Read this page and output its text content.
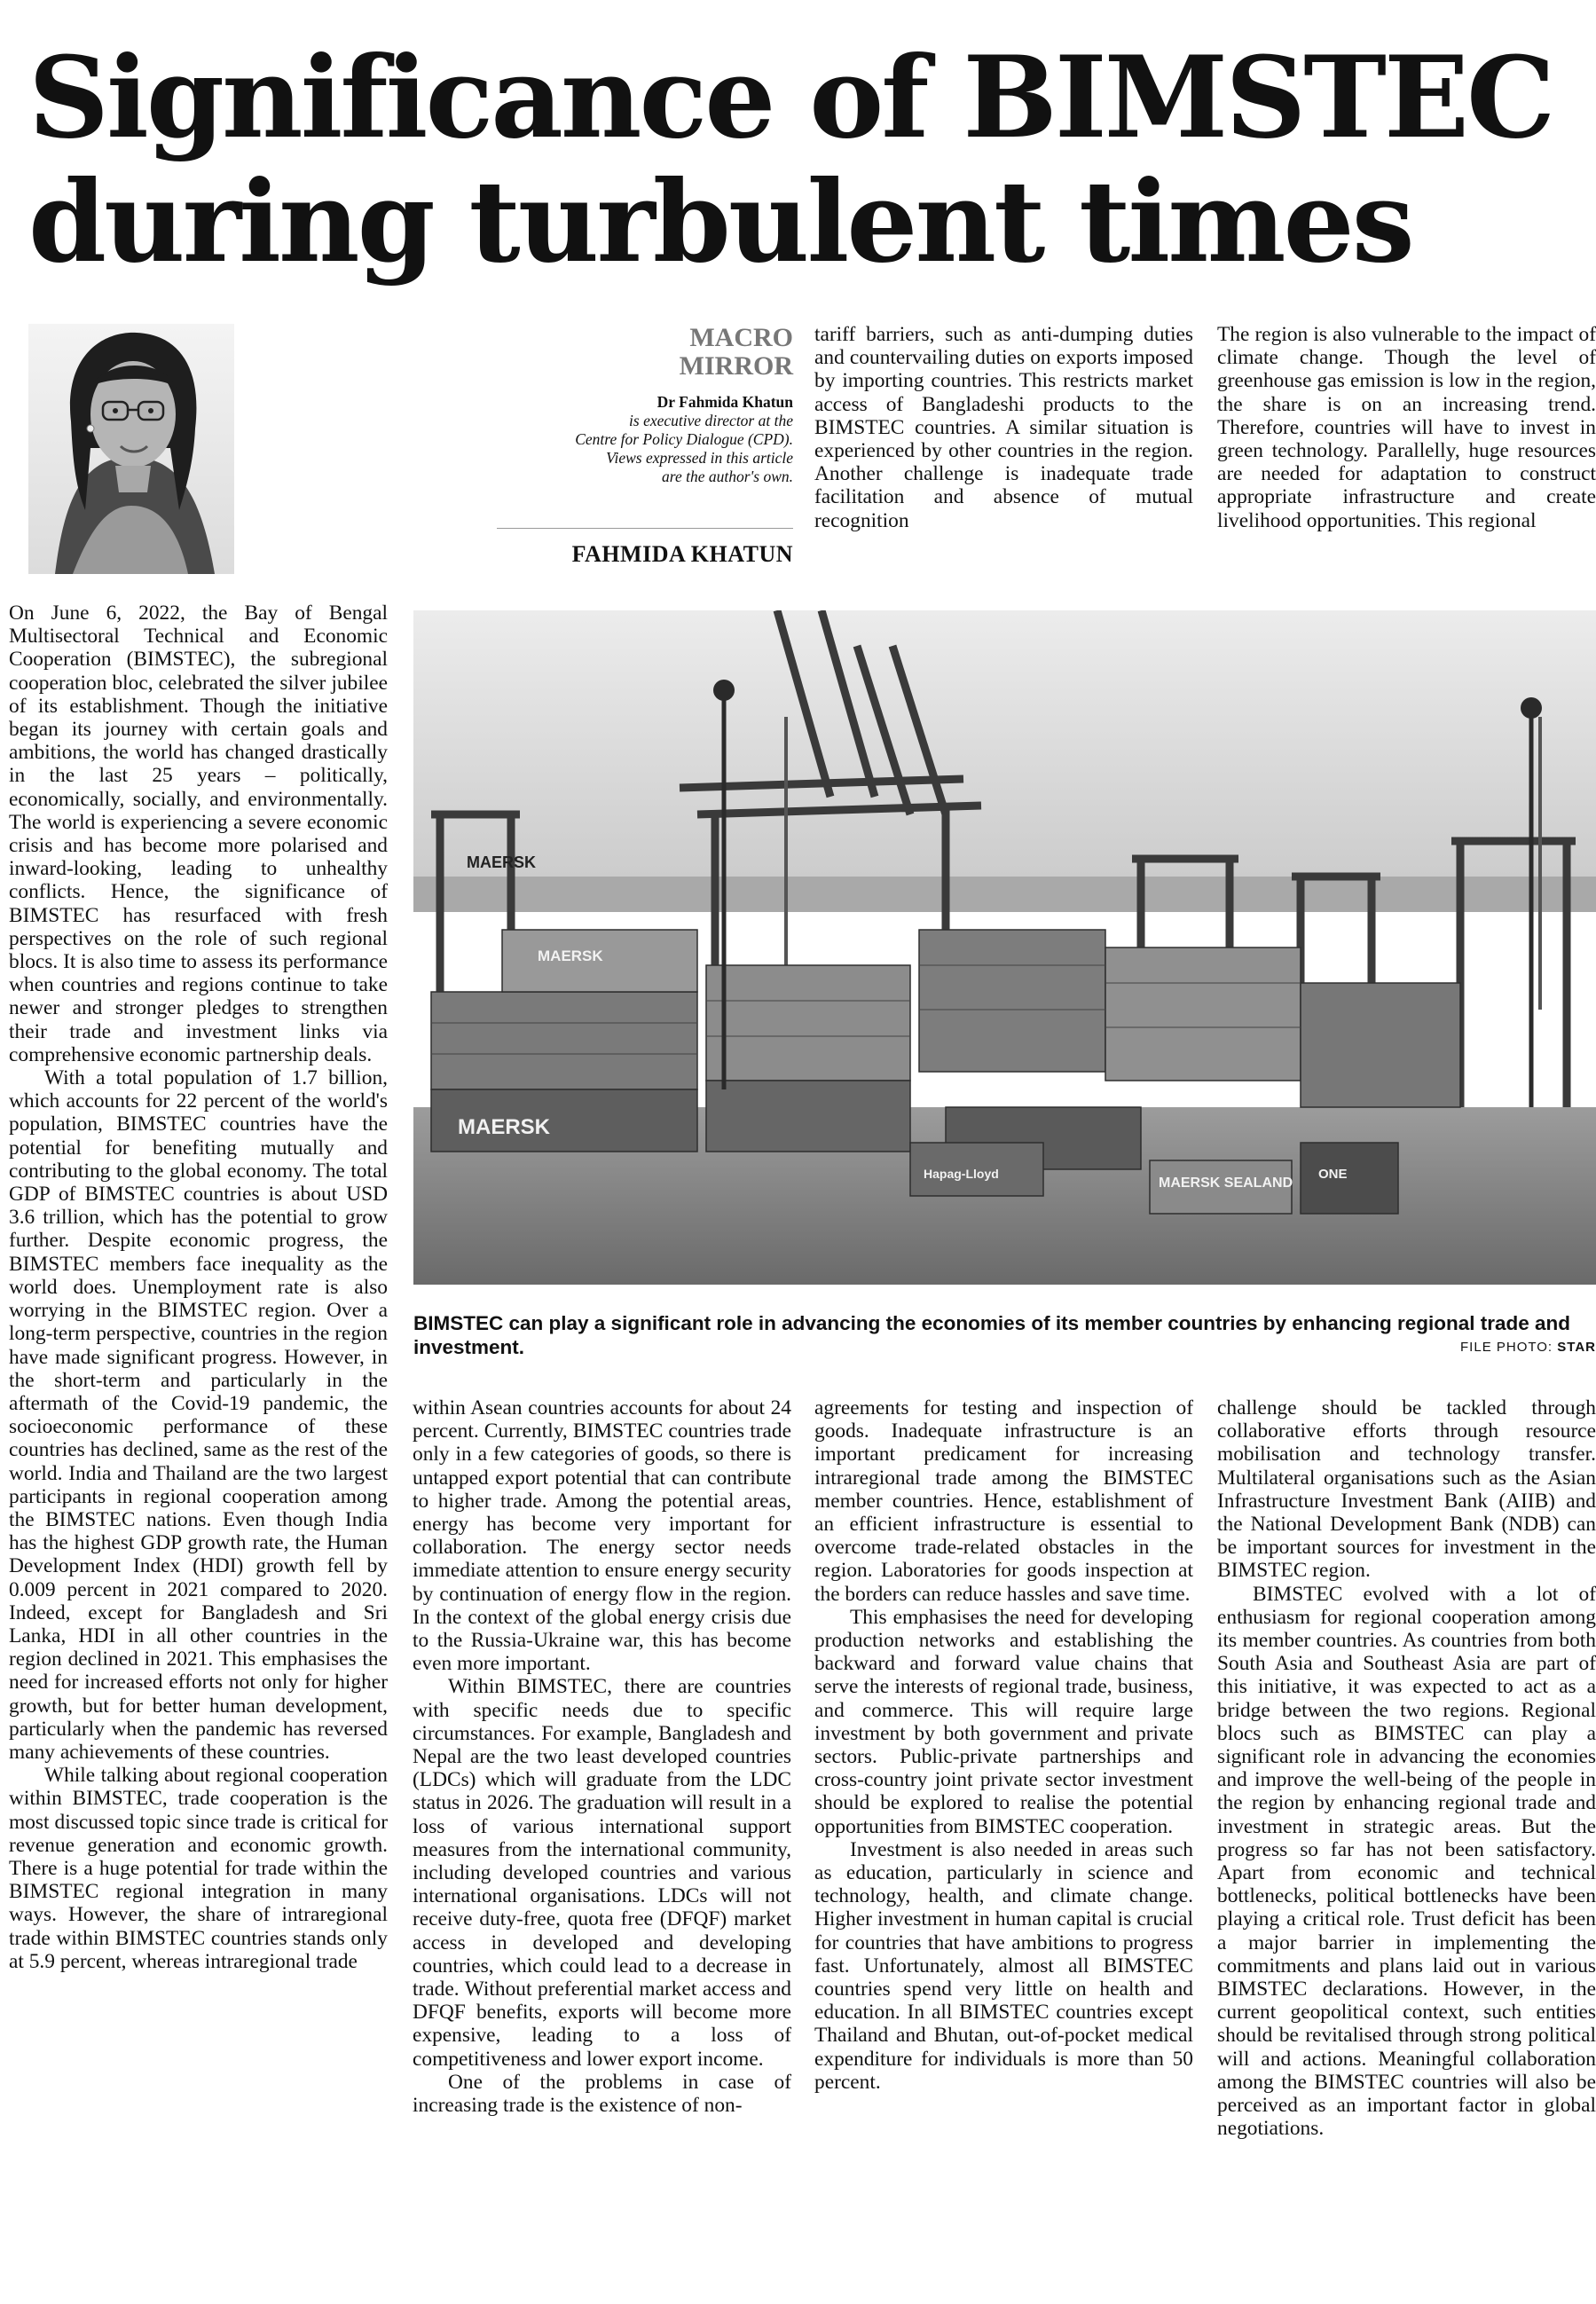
Significance of BIMSTEC
during turbulent times
MACRO
MIRROR
Dr Fahmida Khatun
is executive director at the
Centre for Policy Dialogue (CPD).
Views expressed in this article
are the author's own.
FAHMIDA KHATUN

tariff barriers, such as anti-dumping duties and countervailing duties on exports imposed by importing countries. This restricts market access of Bangladeshi products to the BIMSTEC countries. A similar situation is experienced by other countries in the region. Another challenge is inadequate trade facilitation and absence of mutual recognition

The region is also vulnerable to the impact of climate change. Though the level of greenhouse gas emission is low in the region, the share is on an increasing trend. Therefore, countries will have to invest in green technology. Parallelly, huge resources are needed for adaptation to construct appropriate infrastructure and create livelihood opportunities. This regional

On June 6, 2022, the Bay of Bengal Multisectoral Technical and Economic Cooperation (BIMSTEC), the subregional cooperation bloc, celebrated the silver jubilee of its establishment. Though the initiative began its journey with certain goals and ambitions, the world has changed drastically in the last 25 years – politically, economically, socially, and environmentally. The world is experiencing a severe economic crisis and has become more polarised and inward-looking, leading to unhealthy conflicts. Hence, the significance of BIMSTEC has resurfaced with fresh perspectives on the role of such regional blocs. It is also time to assess its performance when countries and regions continue to take newer and stronger pledges to strengthen their trade and investment links via comprehensive economic partnership deals.

With a total population of 1.7 billion, which accounts for 22 percent of the world's population, BIMSTEC countries have the potential for benefiting mutually and contributing to the global economy. The total GDP of BIMSTEC countries is about USD 3.6 trillion, which has the potential to grow further. Despite economic progress, the BIMSTEC members face inequality as the world does. Unemployment rate is also worrying in the BIMSTEC region. Over a long-term perspective, countries in the region have made significant progress. However, in the short-term and particularly in the aftermath of the Covid-19 pandemic, the socioeconomic performance of these countries has declined, same as the rest of the world. India and Thailand are the two largest participants in regional cooperation among the BIMSTEC nations. Even though India has the highest GDP growth rate, the Human Development Index (HDI) growth fell by 0.009 percent in 2021 compared to 2020. Indeed, except for Bangladesh and Sri Lanka, HDI in all other countries in the region declined in 2021. This emphasises the need for increased efforts not only for higher growth, but for better human development, particularly when the pandemic has reversed many achievements of these countries.

While talking about regional cooperation within BIMSTEC, trade cooperation is the most discussed topic since trade is critical for revenue generation and economic growth. There is a huge potential for trade within the BIMSTEC regional integration in many ways. However, the share of intraregional trade within BIMSTEC countries stands only at 5.9 percent, whereas intraregional trade

MAERSK
MAERSK
MAERSK
MAERSK SEALAND
Hapag-Lloyd	ONE
BIMSTEC can play a significant role in advancing the economies of its member countries by enhancing regional trade and investment.	FILE PHOTO: STAR

within Asean countries accounts for about 24 percent. Currently, BIMSTEC countries trade only in a few categories of goods, so there is untapped export potential that can contribute to higher trade. Among the potential areas, energy has become very important for collaboration. The energy sector needs immediate attention to ensure energy security by continuation of energy flow in the region. In the context of the global energy crisis due to the Russia-Ukraine war, this has become even more important.

Within BIMSTEC, there are countries with specific needs due to specific circumstances. For example, Bangladesh and Nepal are the two least developed countries (LDCs) which will graduate from the LDC status in 2026. The graduation will result in a loss of various international support measures from the international community, including developed countries and various international organisations. LDCs will not receive duty-free, quota free (DFQF) market access in developed and developing countries, which could lead to a decrease in trade. Without preferential market access and DFQF benefits, exports will become more expensive, leading to a loss of competitiveness and lower export income.

One of the problems in case of increasing trade is the existence of non-

agreements for testing and inspection of goods. Inadequate infrastructure is an important predicament for increasing intraregional trade among the BIMSTEC member countries. Hence, establishment of an efficient infrastructure is essential to overcome trade-related obstacles in the region. Laboratories for goods inspection at the borders can reduce hassles and save time.

This emphasises the need for developing production networks and establishing the backward and forward value chains that serve the interests of regional trade, business, and commerce. This will require large investment by both government and private sectors. Public-private partnerships and cross-country joint private sector investment should be explored to realise the potential opportunities from BIMSTEC cooperation.

Investment is also needed in areas such as education, particularly in science and technology, health, and climate change. Higher investment in human capital is crucial for countries that have ambitions to progress fast. Unfortunately, almost all BIMSTEC countries spend very little on health and education. In all BIMSTEC countries except Thailand and Bhutan, out-of-pocket medical expenditure for individuals is more than 50 percent.

challenge should be tackled through collaborative efforts through resource mobilisation and technology transfer. Multilateral organisations such as the Asian Infrastructure Investment Bank (AIIB) and the National Development Bank (NDB) can be important sources for investment in the BIMSTEC region.

BIMSTEC evolved with a lot of enthusiasm for regional cooperation among its member countries. As countries from both South Asia and Southeast Asia are part of this initiative, it was expected to act as a bridge between the two regions. Regional blocs such as BIMSTEC can play a significant role in advancing the economies and improve the well-being of the people in the region by enhancing regional trade and investment in strategic areas. But the progress so far has not been satisfactory. Apart from economic and technical bottlenecks, political bottlenecks have been playing a critical role. Trust deficit has been a major barrier in implementing the commitments and plans laid out in various BIMSTEC declarations. However, in the current geopolitical context, such entities should be revitalised through strong political will and actions. Meaningful collaboration among the BIMSTEC countries will also be perceived as an important factor in global negotiations.
